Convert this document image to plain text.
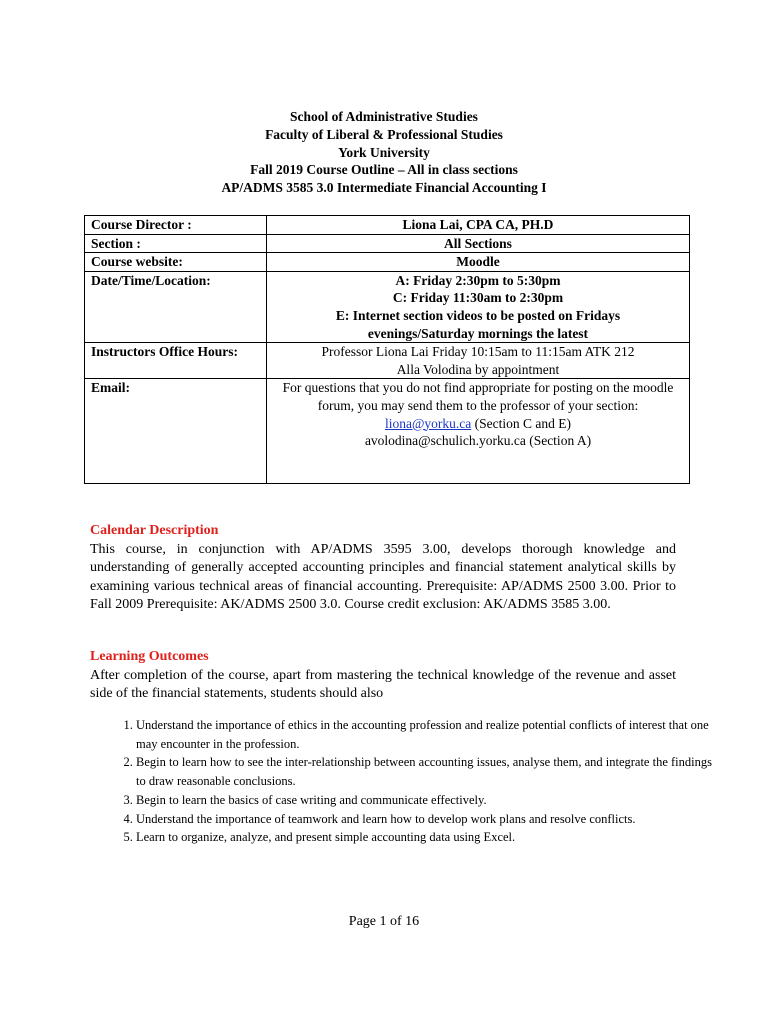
School of Administrative Studies
Faculty of Liberal & Professional Studies
York University
Fall 2019 Course Outline – All in class sections
AP/ADMS 3585 3.0 Intermediate Financial Accounting I
Course Director :	Liona Lai, CPA CA, PH.D
Section :	All Sections
Course website:	Moodle
Date/Time/Location:	A: Friday 2:30pm to 5:30pm
C: Friday 11:30am to 2:30pm
E: Internet section videos to be posted on Fridays evenings/Saturday mornings the latest

Instructors Office Hours:	Professor Liona Lai Friday 10:15am to 11:15am ATK 212
Alla Volodina by appointment

Email:	For questions that you do not find appropriate for posting on the moodle forum, you may send them to the professor of your section:
liona@yorku.ca (Section C and E)
avolodina@schulich.yorku.ca (Section A)
Calendar Description
This course, in conjunction with AP/ADMS 3595 3.00, develops thorough knowledge and understanding of generally accepted accounting principles and financial statement analytical skills by examining various technical areas of financial accounting. Prerequisite: AP/ADMS 2500 3.00. Prior to Fall 2009 Prerequisite: AK/ADMS 2500 3.0. Course credit exclusion: AK/ADMS 3585 3.00.
Learning Outcomes
After completion of the course, apart from mastering the technical knowledge of the revenue and asset side of the financial statements, students should also
1. Understand the importance of ethics in the accounting profession and realize potential conflicts of interest that one may encounter in the profession.
2. Begin to learn how to see the inter-relationship between accounting issues, analyse them, and integrate the findings to draw reasonable conclusions.
3. Begin to learn the basics of case writing and communicate effectively.
4. Understand the importance of teamwork and learn how to develop work plans and resolve conflicts.
5. Learn to organize, analyze, and present simple accounting data using Excel.
Page 1 of 16
